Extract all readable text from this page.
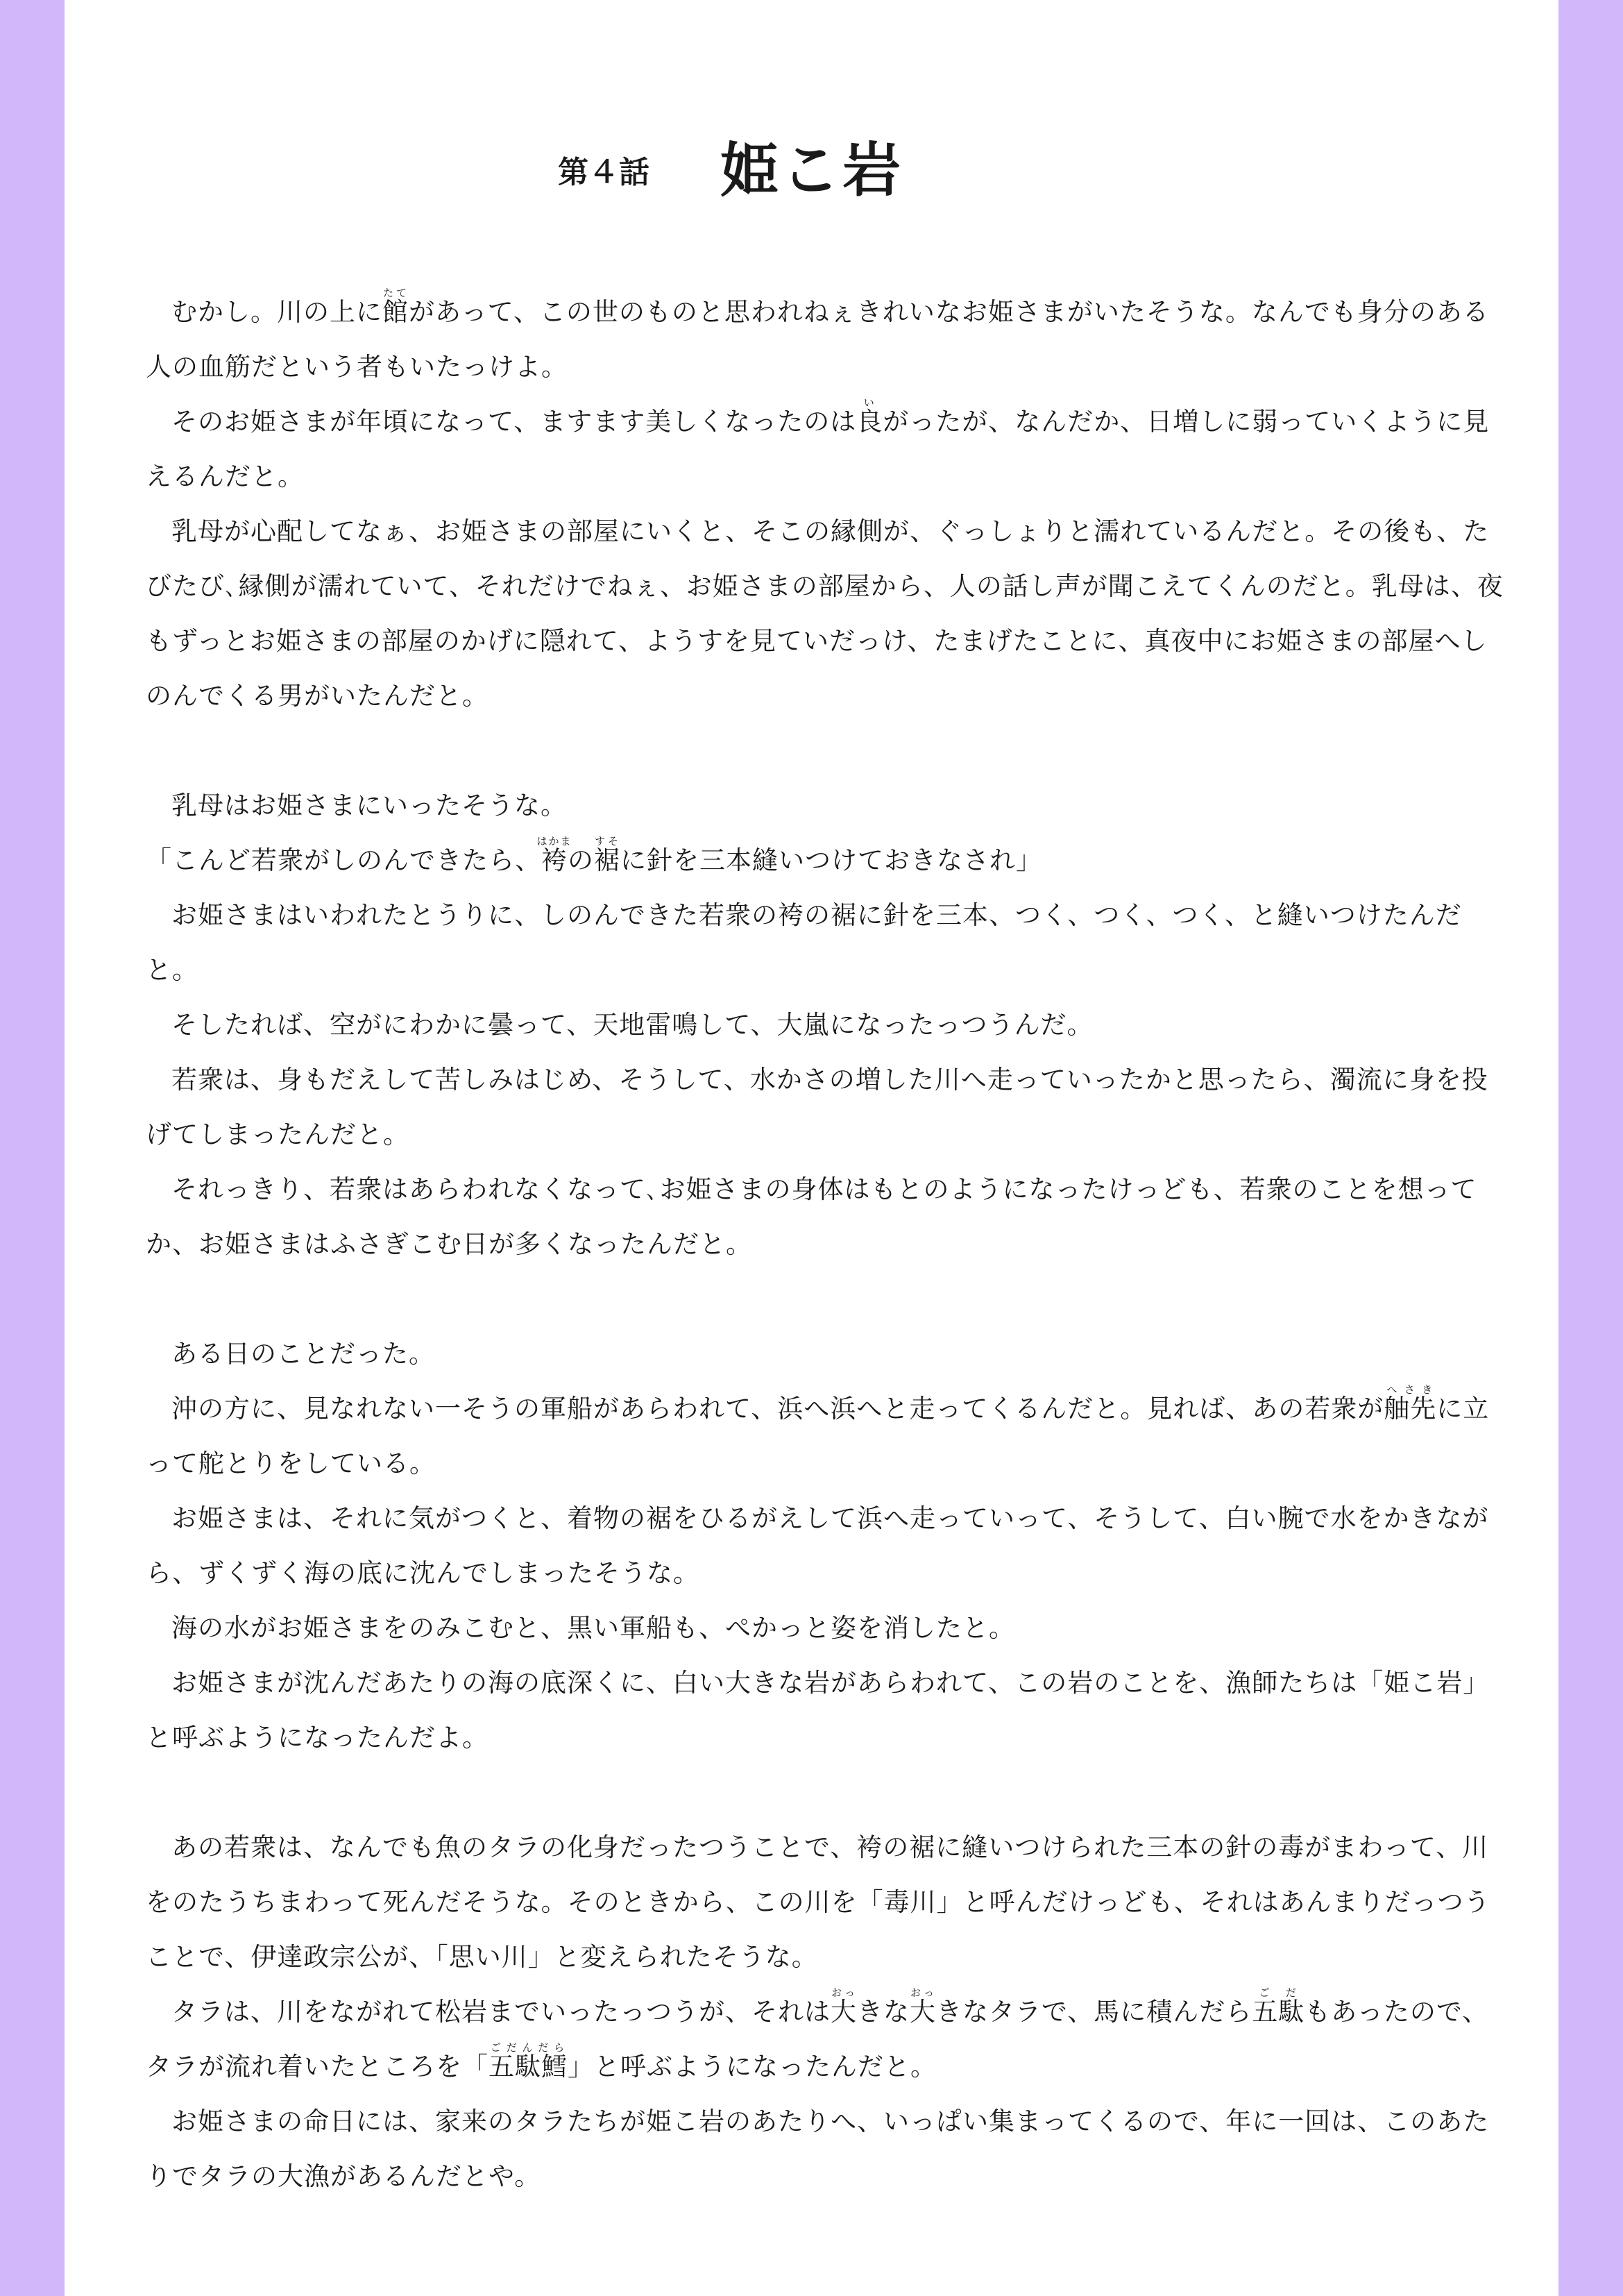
第４話 姫こ岩

むかし。川の上に館たてがあって、この世のものと思われねぇきれいなお姫さまがいたそうな。なんでも身分のある人の血筋だという者もいたっけよ。

そのお姫さまが年頃になって、ますます美しくなったのは良いがったが、なんだか、日増しに弱っていくように見えるんだと。

乳母が心配してなぁ、お姫さまの部屋にいくと、そこの縁側が、ぐっしょりと濡れているんだと。その後も、たびたび､縁側が濡れていて、それだけでねぇ、お姫さまの部屋から、人の話し声が聞こえてくんのだと。乳母は、夜もずっとお姫さまの部屋のかげに隠れて、ようすを見ていだっけ、たまげたことに、真夜中にお姫さまの部屋へしのんでくる男がいたんだと。

乳母はお姫さまにいったそうな。

「こんど若衆がしのんできたら、袴はかまの裾すそに針を三本縫いつけておきなされ」

お姫さまはいわれたとうりに、しのんできた若衆の袴の裾に針を三本、つく、つく、つく、と縫いつけたんだと。

そしたれば、空がにわかに曇って、天地雷鳴して、大嵐になったっつうんだ。

若衆は、身もだえして苦しみはじめ、そうして、水かさの増した川へ走っていったかと思ったら、濁流に身を投げてしまったんだと。

それっきり、若衆はあらわれなくなって､お姫さまの身体はもとのようになったけっども、若衆のことを想ってか、お姫さまはふさぎこむ日が多くなったんだと。

ある日のことだった。

沖の方に、見なれない一そうの軍船があらわれて、浜へ浜へと走ってくるんだと。見れば、あの若衆が舳先へさきに立って舵とりをしている。

お姫さまは、それに気がつくと、着物の裾をひるがえして浜へ走っていって、そうして、白い腕で水をかきながら、ずくずく海の底に沈んでしまったそうな。

海の水がお姫さまをのみこむと、黒い軍船も、ぺかっと姿を消したと。

お姫さまが沈んだあたりの海の底深くに、白い大きな岩があらわれて、この岩のことを、漁師たちは「姫こ岩」と呼ぶようになったんだよ。

あの若衆は、なんでも魚のタラの化身だったつうことで、袴の裾に縫いつけられた三本の針の毒がまわって、川をのたうちまわって死んだそうな。そのときから、この川を「毒川」と呼んだけっども、それはあんまりだっつうことで、伊達政宗公が、「思い川」と変えられたそうな。

タラは、川をながれて松岩までいったっつうが、それは大おっきな大おっきなタラで、馬に積んだら五駄ごだもあったので、タラが流れ着いたところを「五駄鱈ごだんだら」と呼ぶようになったんだと。

お姫さまの命日には、家来のタラたちが姫こ岩のあたりへ、いっぱい集まってくるので、年に一回は、このあたりでタラの大漁があるんだとや。
